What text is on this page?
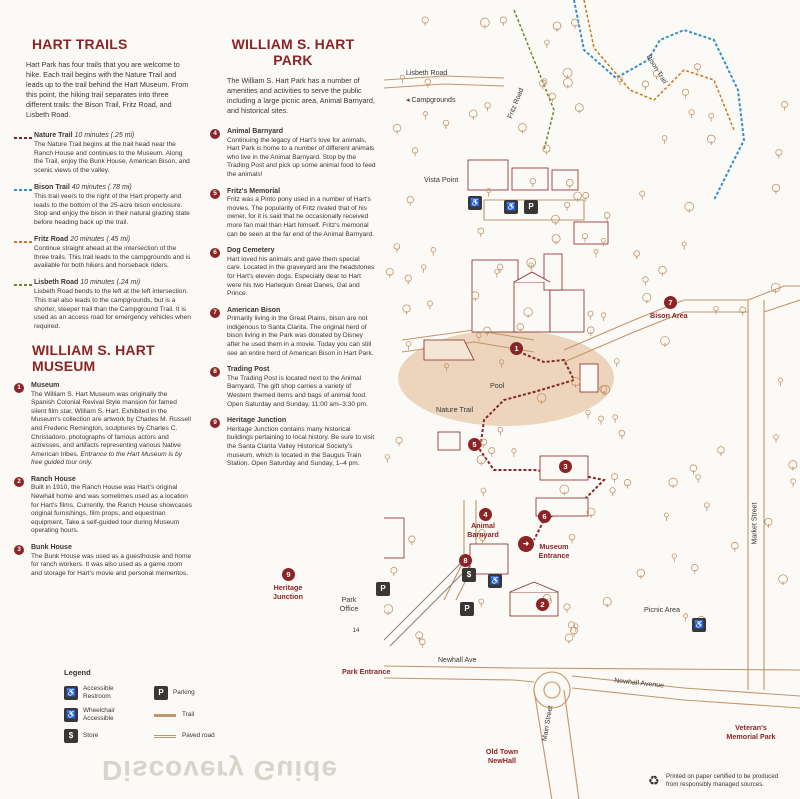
HART TRAILS
Hart Park has four trails that you are welcome to hike. Each trail begins with the Nature Trail and leads up to the trail behind the Hart Museum. From this point, the hiking trail separates into three different trails: the Bison Trail, Fritz Road, and Lisbeth Road.
Nature Trail 10 minutes (.25 mi)
The Nature Trail begins at the trail head near the Ranch House and continues to the Museum. Along the Trail, enjoy the Bunk House, American Bison, and scenic views of the valley.
Bison Trail 40 minutes (.78 mi)
This trail veers to the right of the Hart property and leads to the bottom of the 25-acre bison enclosure. Stop and enjoy the bison in their natural grazing state before heading back up the trail.
Fritz Road 20 minutes (.45 mi)
Continue straight ahead at the intersection of the three trails. This trail leads to the campgrounds and is available for both hikers and horseback riders.
Lisbeth Road 10 minutes (.24 mi)
Lisbeth Road bends to the left at the left intersection. This trail also leads to the campgrounds, but is a shorter, steeper trail than the Campground Trail. It is used as an access road for emergency vehicles when required.
WILLIAM S. HART MUSEUM
1	Museum
The William S. Hart Museum was originally the Spanish Colonial Revival Style mansion for famed silent film star, William S. Hart. Exhibited in the Museum's collection are artwork by Charles M. Russell and Frederic Remington, sculptures by Charles C. Christadoro, photographs of famous actors and actresses, and artifacts representing various Native American tribes. Entrance to the Hart Museum is by free guided tour only.
2	Ranch House
Built in 1910, the Ranch House was Hart's original Newhall home and was sometimes used as a location for Hart's films. Currently, the Ranch House showcases original furnishings, film props, and equestrian equipment. Take a self-guided tour during Museum operating hours.
3	Bunk House
The Bunk House was used as a guesthouse and home for ranch workers. It was also used as a game room and storage for Hart's movie and personal mementos.
WILLIAM S. HART PARK
The William S. Hart Park has a number of amenities and activities to serve the public including a large picnic area, Animal Barnyard, and historical sites.
4	Animal Barnyard
Continuing the legacy of Hart's love for animals, Hart Park is home to a number of different animals who live in the Animal Barnyard. Stop by the Trading Post and pick up some animal food to feed the animals!
5	Fritz's Memorial
Fritz was a Pinto pony used in a number of Hart's movies. The popularity of Fritz rivaled that of his owner, for it is said that he occasionally received more fan mail than Hart himself. Fritz's memorial can be seen at the far end of the Animal Barnyard.
6	Dog Cemetery
Hart loved his animals and gave them special care. Located in the graveyard are the headstones for Hart's eleven dogs. Especially dear to Hart were his two Harlequin Great Danes, Gal and Prince.
7	American Bison
Primarily living in the Great Plains, bison are not indigenous to Santa Clarita. The original herd of bison living in the Park was donated by Disney after he used them in a movie. Today you can still see an entire herd of American Bison in Hart Park.
8	Trading Post
The Trading Post is located next to the Animal Barnyard. The gift shop carries a variety of Western themed items and bags of animal food. Open Saturday and Sunday, 11:00 am–3:30 pm.
9	Heritage Junction
Heritage Junction contains many historical buildings pertaining to local history. Be sure to visit the Santa Clarita Valley Historical Society's museum, which is located in the Saugus Train Station. Open Saturday and Sunday, 1–4 pm.
Legend
♿	Accessible Restroom	P	Parking
♿	Wheelchair Accessible
Trail
$	Store	Paved road
Discovery Guide
1
2
3
4
5
6
7
8
9
Lisbeth Road
Fritz Road
Bison Trail
◂ Campgrounds
Vista Point
Pool
Nature Trail
Bison Area
Animal Barnyard
Museum Entrance
➜
Heritage Junction	Park Office	Picnic Area
Park Entrance
Newhall Ave
Newhall Avenue
Main Street
Market Street
Old Town NewHall
Veteran's Memorial Park
14
♿	P
♿
P
P
$
♿
♿
♻	Printed on paper certified to be produced from responsibly managed sources.
